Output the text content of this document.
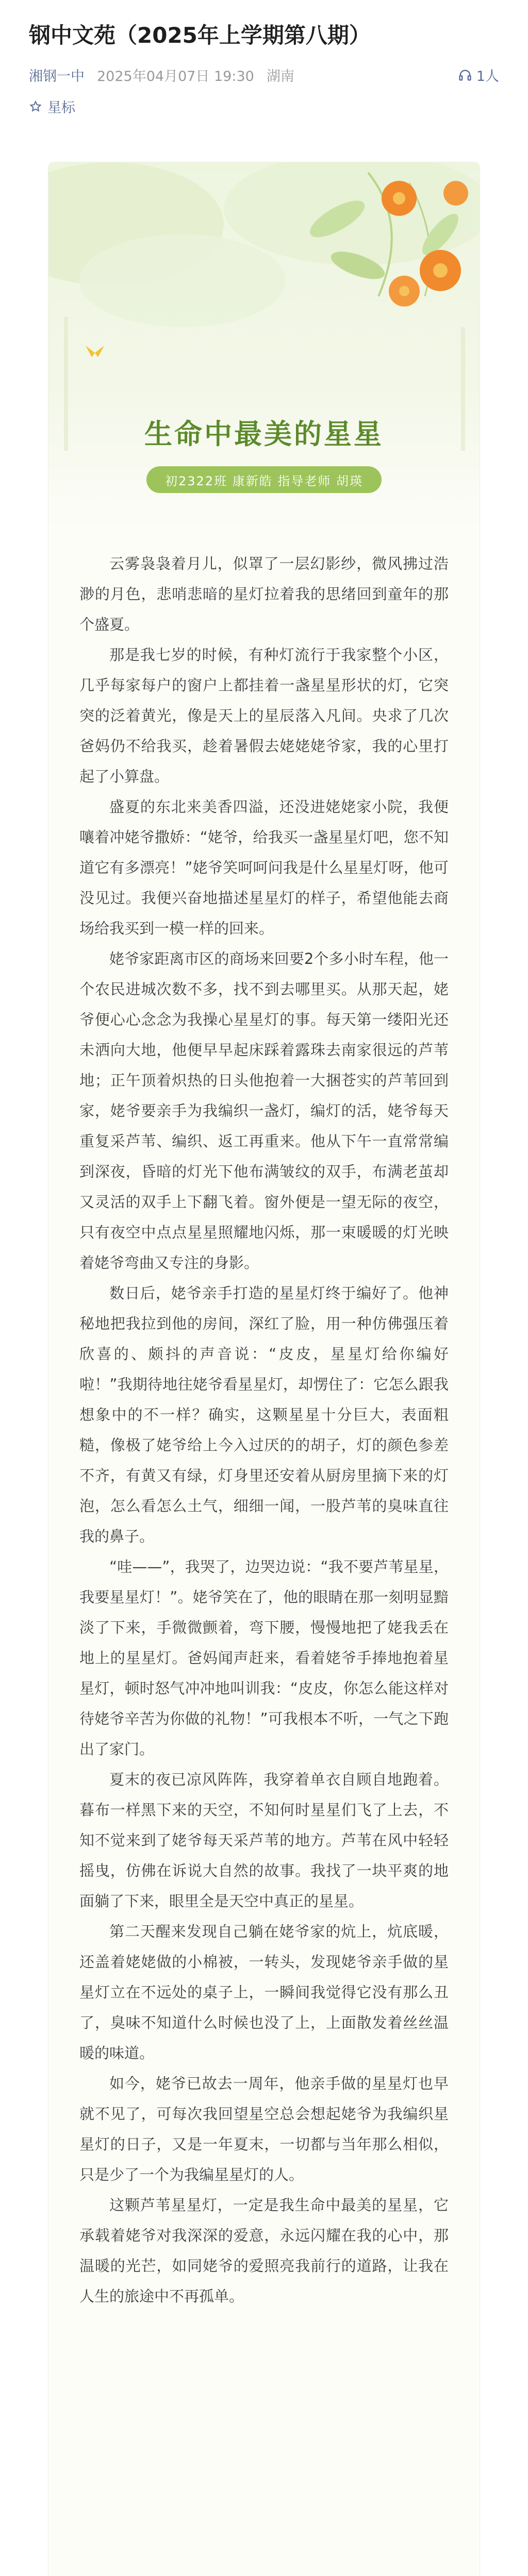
钢中文苑（2025年上学期第八期）
湘钢一中 2025年04月07日 19:30 湖南	1人
星标
生命中最美的星星
初2322班 康新皓 指导老师 胡瑛

云雾袅袅着月儿，似罩了一层幻影纱，微风拂过浩渺的月色，悲哨悲暗的星灯拉着我的思绪回到童年的那个盛夏。

那是我七岁的时候，有种灯流行于我家整个小区，几乎每家每户的窗户上都挂着一盏星星形状的灯，它突突的泛着黄光，像是天上的星辰落入凡间。央求了几次爸妈仍不给我买，趁着暑假去姥姥姥爷家，我的心里打起了小算盘。

盛夏的东北来美香四溢，还没进姥姥家小院，我便嚷着冲姥爷撒娇：“姥爷，给我买一盏星星灯吧，您不知道它有多漂亮！”姥爷笑呵呵问我是什么星星灯呀，他可没见过。我便兴奋地描述星星灯的样子，希望他能去商场给我买到一模一样的回来。

姥爷家距离市区的商场来回要2个多小时车程，他一个农民进城次数不多，找不到去哪里买。从那天起，姥爷便心心念念为我操心星星灯的事。每天第一缕阳光还未洒向大地，他便早早起床踩着露珠去南家很远的芦苇地；正午顶着炽热的日头他抱着一大捆苍实的芦苇回到家，姥爷要亲手为我编织一盏灯，编灯的活，姥爷每天重复采芦苇、编织、返工再重来。他从下午一直常常编到深夜，昏暗的灯光下他布满皱纹的双手，布满老茧却又灵活的双手上下翻飞着。窗外便是一望无际的夜空，只有夜空中点点星星照耀地闪烁，那一束暖暖的灯光映着姥爷弯曲又专注的身影。

数日后，姥爷亲手打造的星星灯终于编好了。他神秘地把我拉到他的房间，深红了脸，用一种仿佛强压着欣喜的、颇抖的声音说：“皮皮，星星灯给你编好啦！”我期待地往姥爷看星星灯，却愣住了：它怎么跟我想象中的不一样？确实，这颗星星十分巨大，表面粗糙，像极了姥爷给上今入过厌的的胡子，灯的颜色参差不齐，有黄又有绿，灯身里还安着从厨房里摘下来的灯泡，怎么看怎么土气，细细一闻，一股芦苇的臭味直往我的鼻子。

“哇——”，我哭了，边哭边说：“我不要芦苇星星，我要星星灯！”。姥爷笑在了，他的眼睛在那一刻明显黯淡了下来，手微微颤着，弯下腰，慢慢地把了姥我丢在地上的星星灯。爸妈闻声赶来，看着姥爷手捧地抱着星星灯，顿时怒气冲冲地叫训我：“皮皮，你怎么能这样对待姥爷辛苦为你做的礼物！”可我根本不听，一气之下跑出了家门。

夏末的夜已凉风阵阵，我穿着单衣自顾自地跑着。暮布一样黑下来的天空，不知何时星星们飞了上去，不知不觉来到了姥爷每天采芦苇的地方。芦苇在风中轻轻摇曳，仿佛在诉说大自然的故事。我找了一块平爽的地面躺了下来，眼里全是天空中真正的星星。

第二天醒来发现自己躺在姥爷家的炕上，炕底暖，还盖着姥姥做的小棉被，一转头，发现姥爷亲手做的星星灯立在不远处的桌子上，一瞬间我觉得它没有那么丑了，臭味不知道什么时候也没了上，上面散发着丝丝温暖的味道。

如今，姥爷已故去一周年，他亲手做的星星灯也早就不见了，可每次我回望星空总会想起姥爷为我编织星星灯的日子，又是一年夏末，一切都与当年那么相似，只是少了一个为我编星星灯的人。

这颗芦苇星星灯，一定是我生命中最美的星星，它承载着姥爷对我深深的爱意，永远闪耀在我的心中，那温暖的光芒，如同姥爷的爱照亮我前行的道路，让我在人生的旅途中不再孤单。
